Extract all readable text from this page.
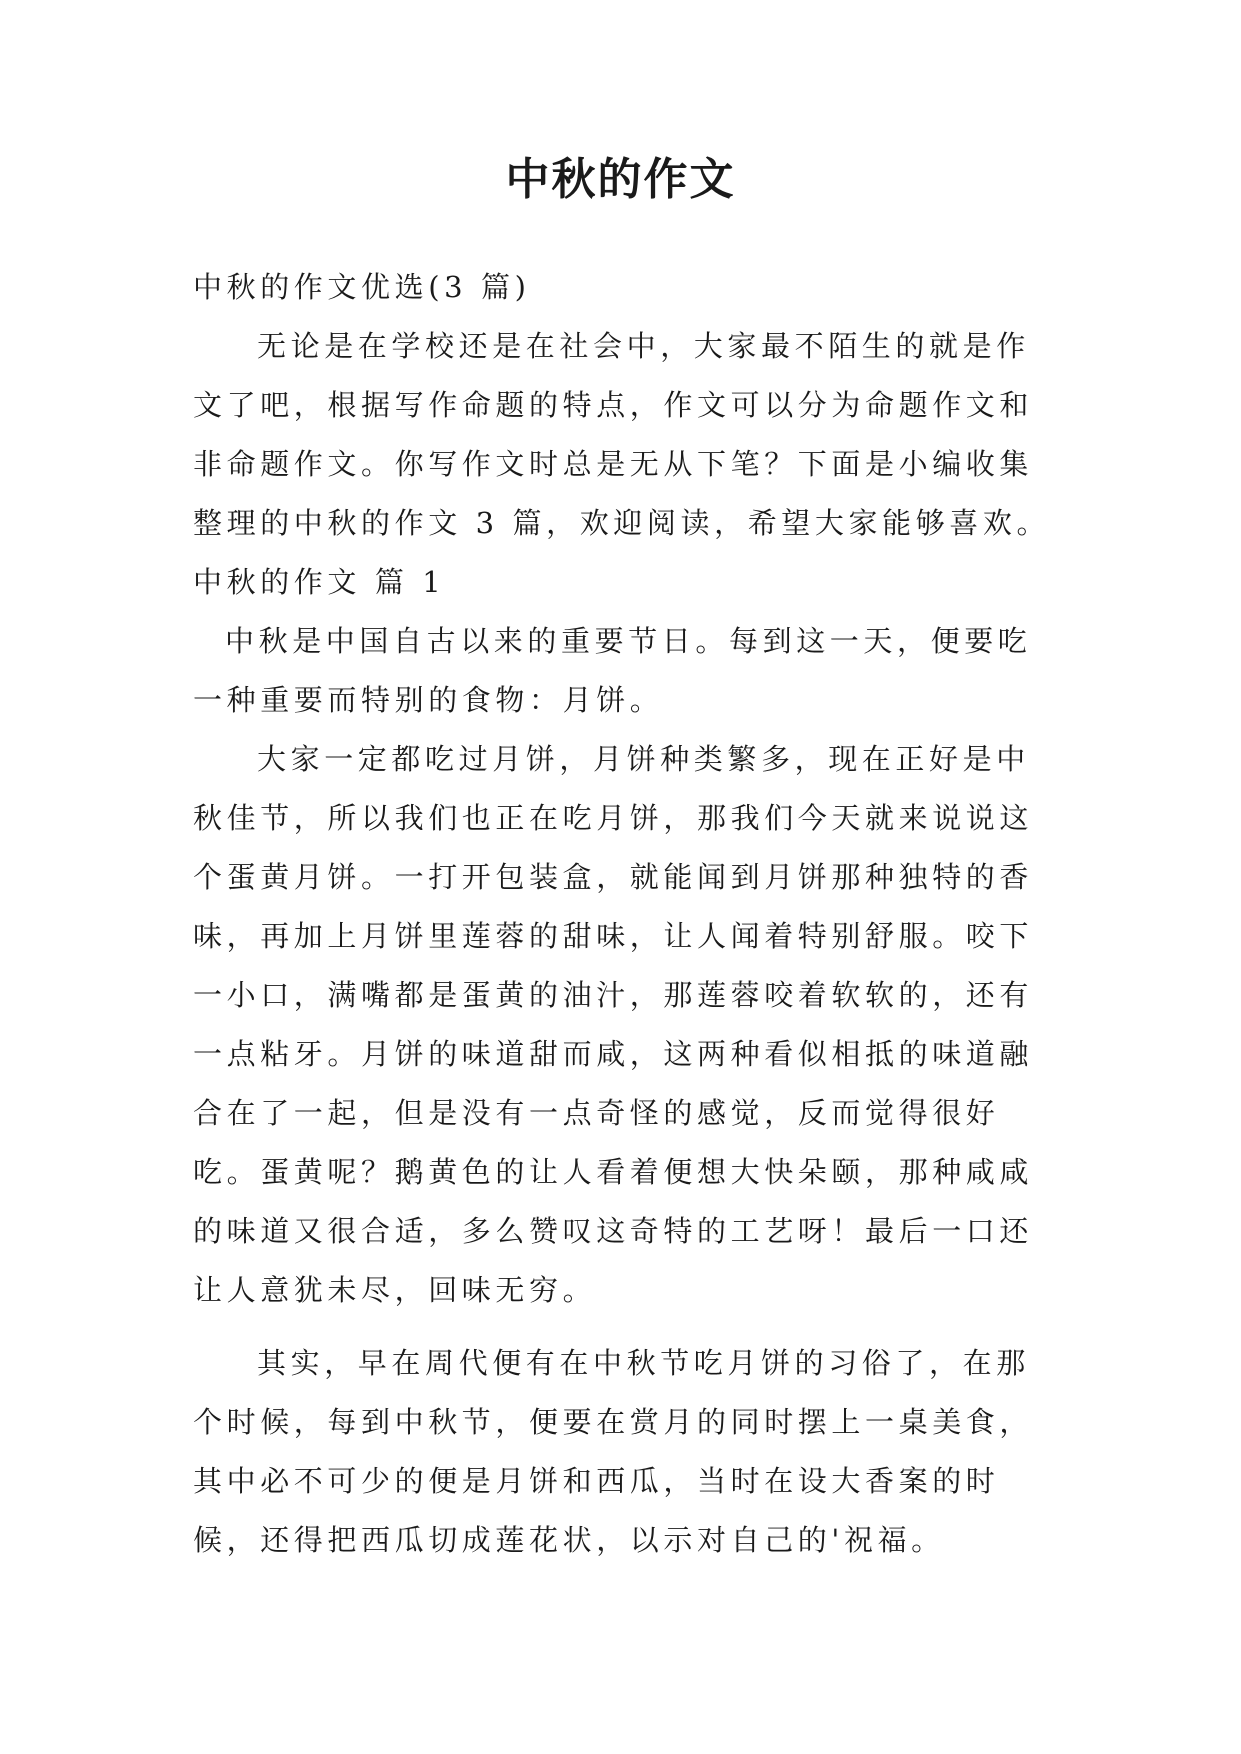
中秋的作文

中秋的作文优选(3 篇)

无论是在学校还是在社会中，大家最不陌生的就是作文了吧，根据写作命题的特点，作文可以分为命题作文和非命题作文。你写作文时总是无从下笔？下面是小编收集整理的中秋的作文 3 篇，欢迎阅读，希望大家能够喜欢。

中秋的作文 篇 1

中秋是中国自古以来的重要节日。每到这一天，便要吃一种重要而特别的食物：月饼。

大家一定都吃过月饼，月饼种类繁多，现在正好是中秋佳节，所以我们也正在吃月饼，那我们今天就来说说这个蛋黄月饼。一打开包装盒，就能闻到月饼那种独特的香味，再加上月饼里莲蓉的甜味，让人闻着特别舒服。咬下一小口，满嘴都是蛋黄的油汁，那莲蓉咬着软软的，还有一点粘牙。月饼的味道甜而咸，这两种看似相抵的味道融合在了一起，但是没有一点奇怪的感觉，反而觉得很好吃。蛋黄呢？鹅黄色的让人看着便想大快朵颐，那种咸咸的味道又很合适，多么赞叹这奇特的工艺呀！最后一口还让人意犹未尽，回味无穷。

其实，早在周代便有在中秋节吃月饼的习俗了，在那个时候，每到中秋节，便要在赏月的同时摆上一桌美食，其中必不可少的便是月饼和西瓜，当时在设大香案的时候，还得把西瓜切成莲花状，以示对自己的'祝福。
